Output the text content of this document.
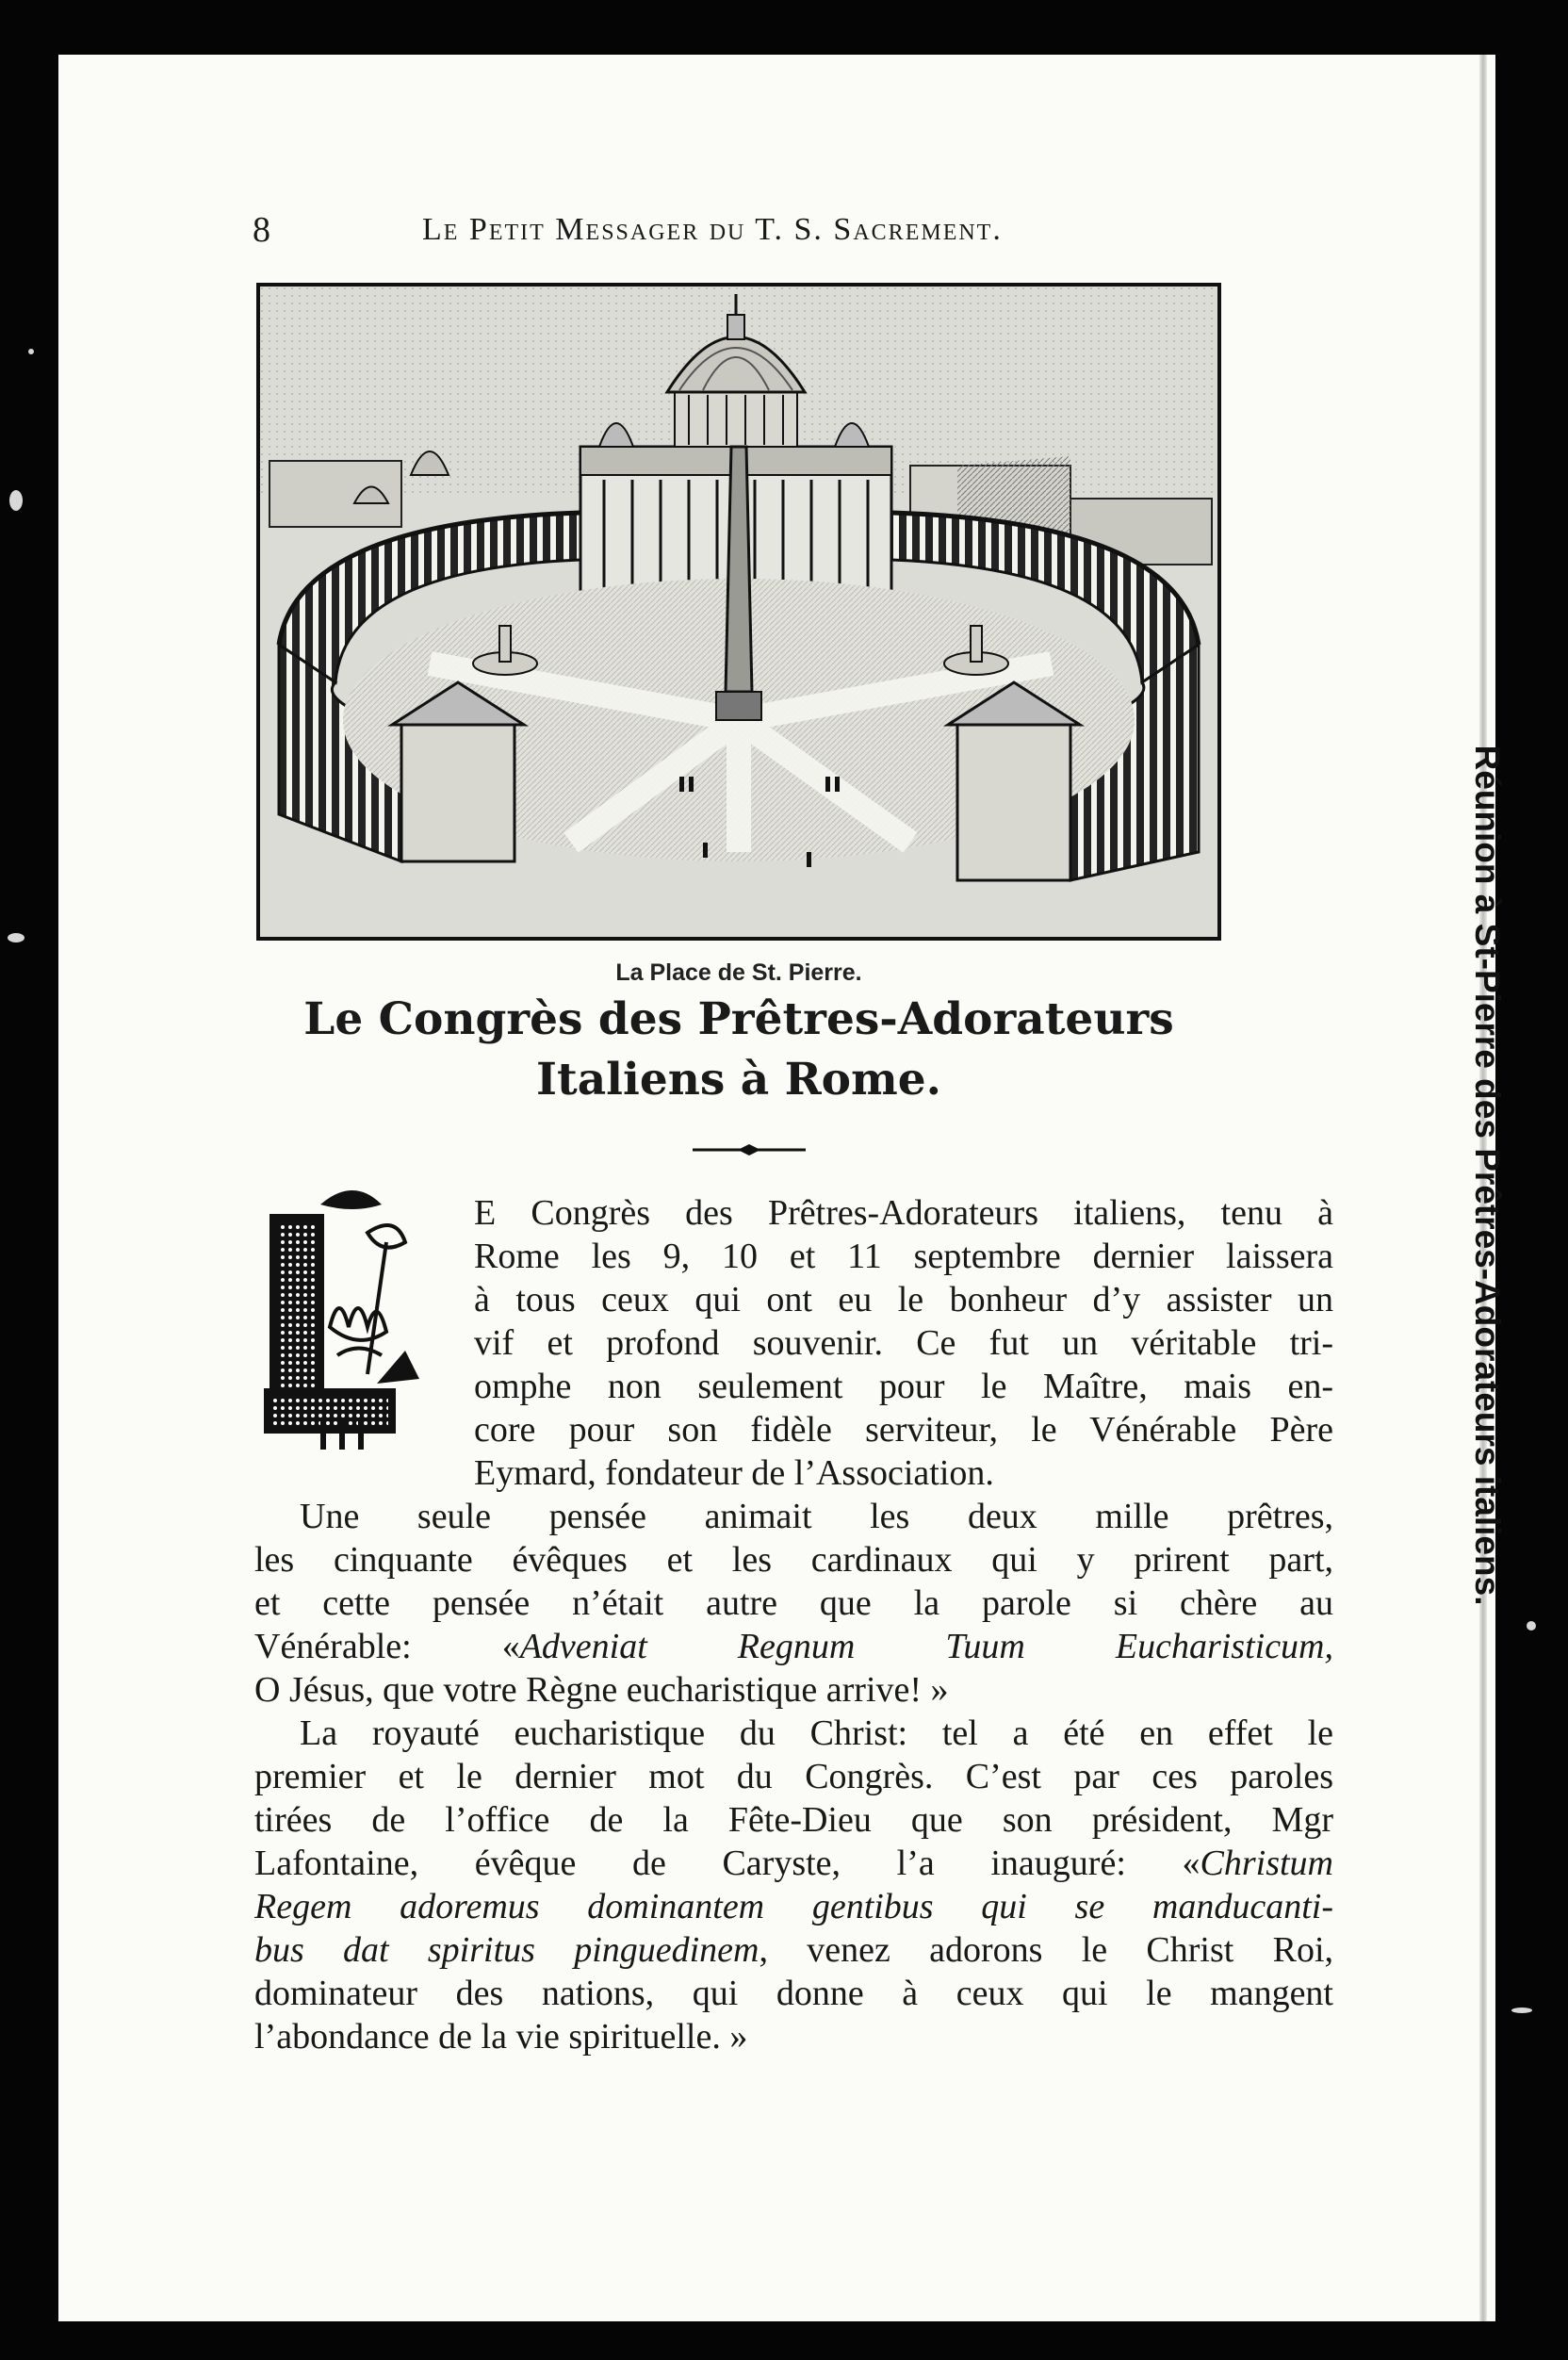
8	Le Petit Messager du T. S. Sacrement.
La Place de St. Pierre.
Le Congrès des Prêtres-Adorateurs
Italiens à Rome.
E Congrès des Prêtres-Adorateurs italiens, tenu à
Rome les 9, 10 et 11 septembre dernier laissera
à tous ceux qui ont eu le bonheur d’y assister un
vif et profond souvenir. Ce fut un véritable tri-
omphe non seulement pour le Maître, mais en-
core pour son fidèle serviteur, le Vénérable Père
Eymard, fondateur de l’Association.
Une seule pensée animait les deux mille prêtres,
les cinquante évêques et les cardinaux qui y prirent part,
et cette pensée n’était autre que la parole si chère au
Vénérable: «Adveniat Regnum Tuum Eucharisticum,
O Jésus, que votre Règne eucharistique arrive! »
La royauté eucharistique du Christ: tel a été en effet le
premier et le dernier mot du Congrès. C’est par ces paroles
tirées de l’office de la Fête-Dieu que son président, Mgr
Lafontaine, évêque de Caryste, l’a inauguré: «Christum
Regem adoremus dominantem gentibus qui se manducanti-
bus dat spiritus pinguedinem, venez adorons le Christ Roi,
dominateur des nations, qui donne à ceux qui le mangent
l’abondance de la vie spirituelle. »
Réunion à St-Pierre des Prêtres-Adorateurs italiens.
